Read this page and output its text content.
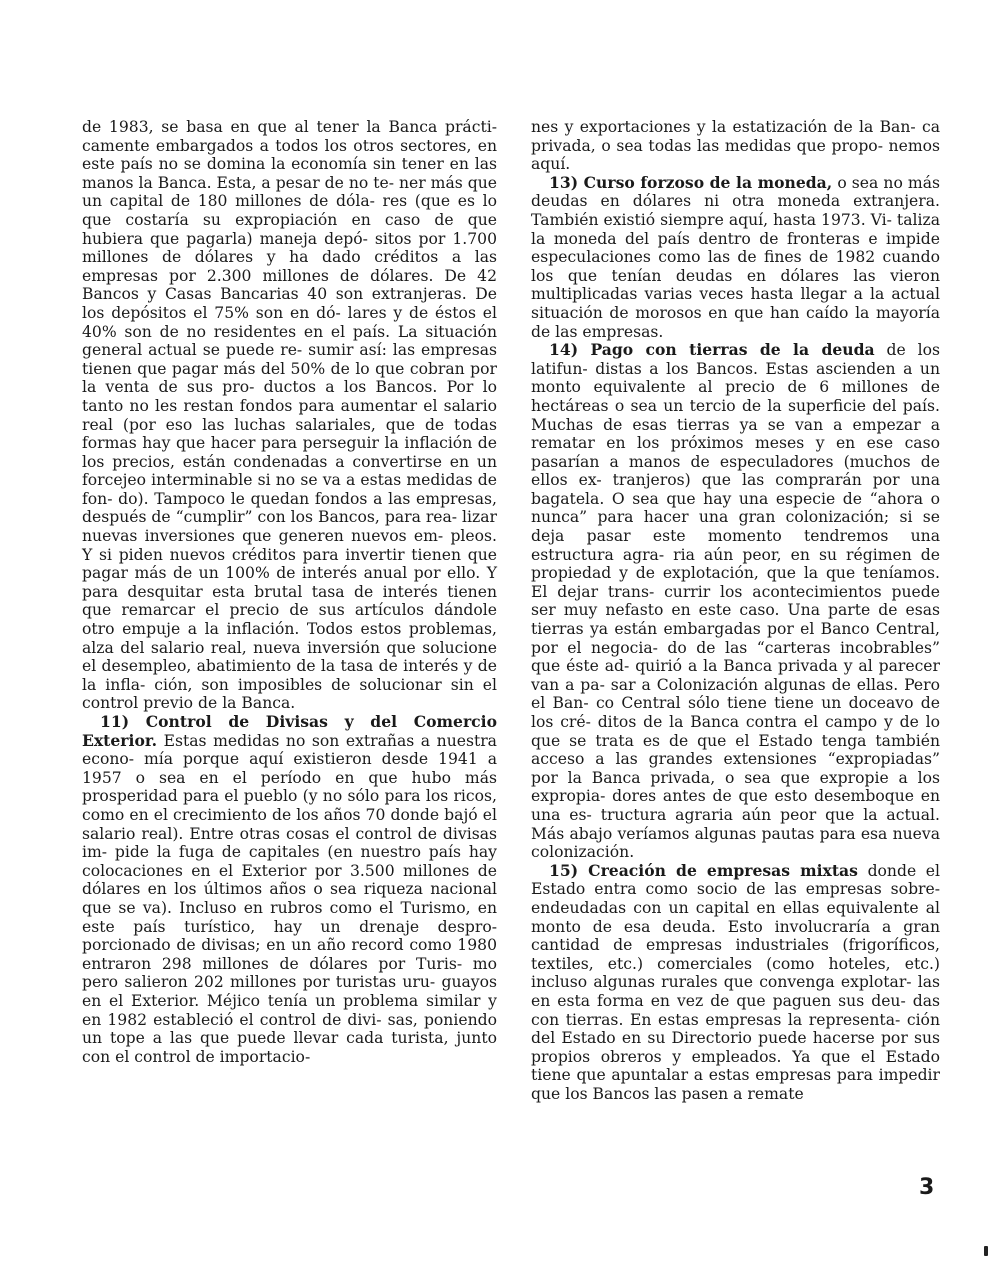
de 1983, se basa en que al tener la Banca prácti- camente embargados a todos los otros sectores, en este país no se domina la economía sin tener en las manos la Banca. Esta, a pesar de no te- ner más que un capital de 180 millones de dóla- res (que es lo que costaría su expropiación en caso de que hubiera que pagarla) maneja depó- sitos por 1.700 millones de dólares y ha dado créditos a las empresas por 2.300 millones de dólares. De 42 Bancos y Casas Bancarias 40 son extranjeras. De los depósitos el 75% son en dó- lares y de éstos el 40% son de no residentes en el país. La situación general actual se puede re- sumir así: las empresas tienen que pagar más del 50% de lo que cobran por la venta de sus pro- ductos a los Bancos. Por lo tanto no les restan fondos para aumentar el salario real (por eso las luchas salariales, que de todas formas hay que hacer para perseguir la inflación de los precios, están condenadas a convertirse en un forcejeo interminable si no se va a estas medidas de fon- do). Tampoco le quedan fondos a las empresas, después de “cumplir” con los Bancos, para rea- lizar nuevas inversiones que generen nuevos em- pleos. Y si piden nuevos créditos para invertir tienen que pagar más de un 100% de interés anual por ello. Y para desquitar esta brutal tasa de interés tienen que remarcar el precio de sus artículos dándole otro empuje a la inflación. Todos estos problemas, alza del salario real, nueva inversión que solucione el desempleo, abatimiento de la tasa de interés y de la infla- ción, son imposibles de solucionar sin el control previo de la Banca.

11) Control de Divisas y del Comercio Exterior. Estas medidas no son extrañas a nuestra econo- mía porque aquí existieron desde 1941 a 1957 o sea en el período en que hubo más prosperidad para el pueblo (y no sólo para los ricos, como en el crecimiento de los años 70 donde bajó el salario real). Entre otras cosas el control de divisas im- pide la fuga de capitales (en nuestro país hay colocaciones en el Exterior por 3.500 millones de dólares en los últimos años o sea riqueza nacional que se va). Incluso en rubros como el Turismo, en este país turístico, hay un drenaje despro- porcionado de divisas; en un año record como 1980 entraron 298 millones de dólares por Turis- mo pero salieron 202 millones por turistas uru- guayos en el Exterior. Méjico tenía un problema similar y en 1982 estableció el control de divi- sas, poniendo un tope a las que puede llevar cada turista, junto con el control de importacio-

nes y exportaciones y la estatización de la Ban- ca privada, o sea todas las medidas que propo- nemos aquí.

13) Curso forzoso de la moneda, o sea no más deudas en dólares ni otra moneda extranjera. También existió siempre aquí, hasta 1973. Vi- taliza la moneda del país dentro de fronteras e impide especulaciones como las de fines de 1982 cuando los que tenían deudas en dólares las vieron multiplicadas varias veces hasta llegar a la actual situación de morosos en que han caído la mayoría de las empresas.

14) Pago con tierras de la deuda de los latifun- distas a los Bancos. Estas ascienden a un monto equivalente al precio de 6 millones de hectáreas o sea un tercio de la superficie del país. Muchas de esas tierras ya se van a empezar a rematar en los próximos meses y en ese caso pasarían a manos de especuladores (muchos de ellos ex- tranjeros) que las comprarán por una bagatela. O sea que hay una especie de “ahora o nunca” para hacer una gran colonización; si se deja pasar este momento tendremos una estructura agra- ria aún peor, en su régimen de propiedad y de explotación, que la que teníamos. El dejar trans- currir los acontecimientos puede ser muy nefasto en este caso. Una parte de esas tierras ya están embargadas por el Banco Central, por el negocia- do de las “carteras incobrables” que éste ad- quirió a la Banca privada y al parecer van a pa- sar a Colonización algunas de ellas. Pero el Ban- co Central sólo tiene tiene un doceavo de los cré- ditos de la Banca contra el campo y de lo que se trata es de que el Estado tenga también acceso a las grandes extensiones “expropiadas” por la Banca privada, o sea que expropie a los expropia- dores antes de que esto desemboque en una es- tructura agraria aún peor que la actual. Más abajo veríamos algunas pautas para esa nueva colonización.

15) Creación de empresas mixtas donde el Estado entra como socio de las empresas sobre- endeudadas con un capital en ellas equivalente al monto de esa deuda. Esto involucraría a gran cantidad de empresas industriales (frigoríficos, textiles, etc.) comerciales (como hoteles, etc.) incluso algunas rurales que convenga explotar- las en esta forma en vez de que paguen sus deu- das con tierras. En estas empresas la representa- ción del Estado en su Directorio puede hacerse por sus propios obreros y empleados. Ya que el Estado tiene que apuntalar a estas empresas para impedir que los Bancos las pasen a remate

3
